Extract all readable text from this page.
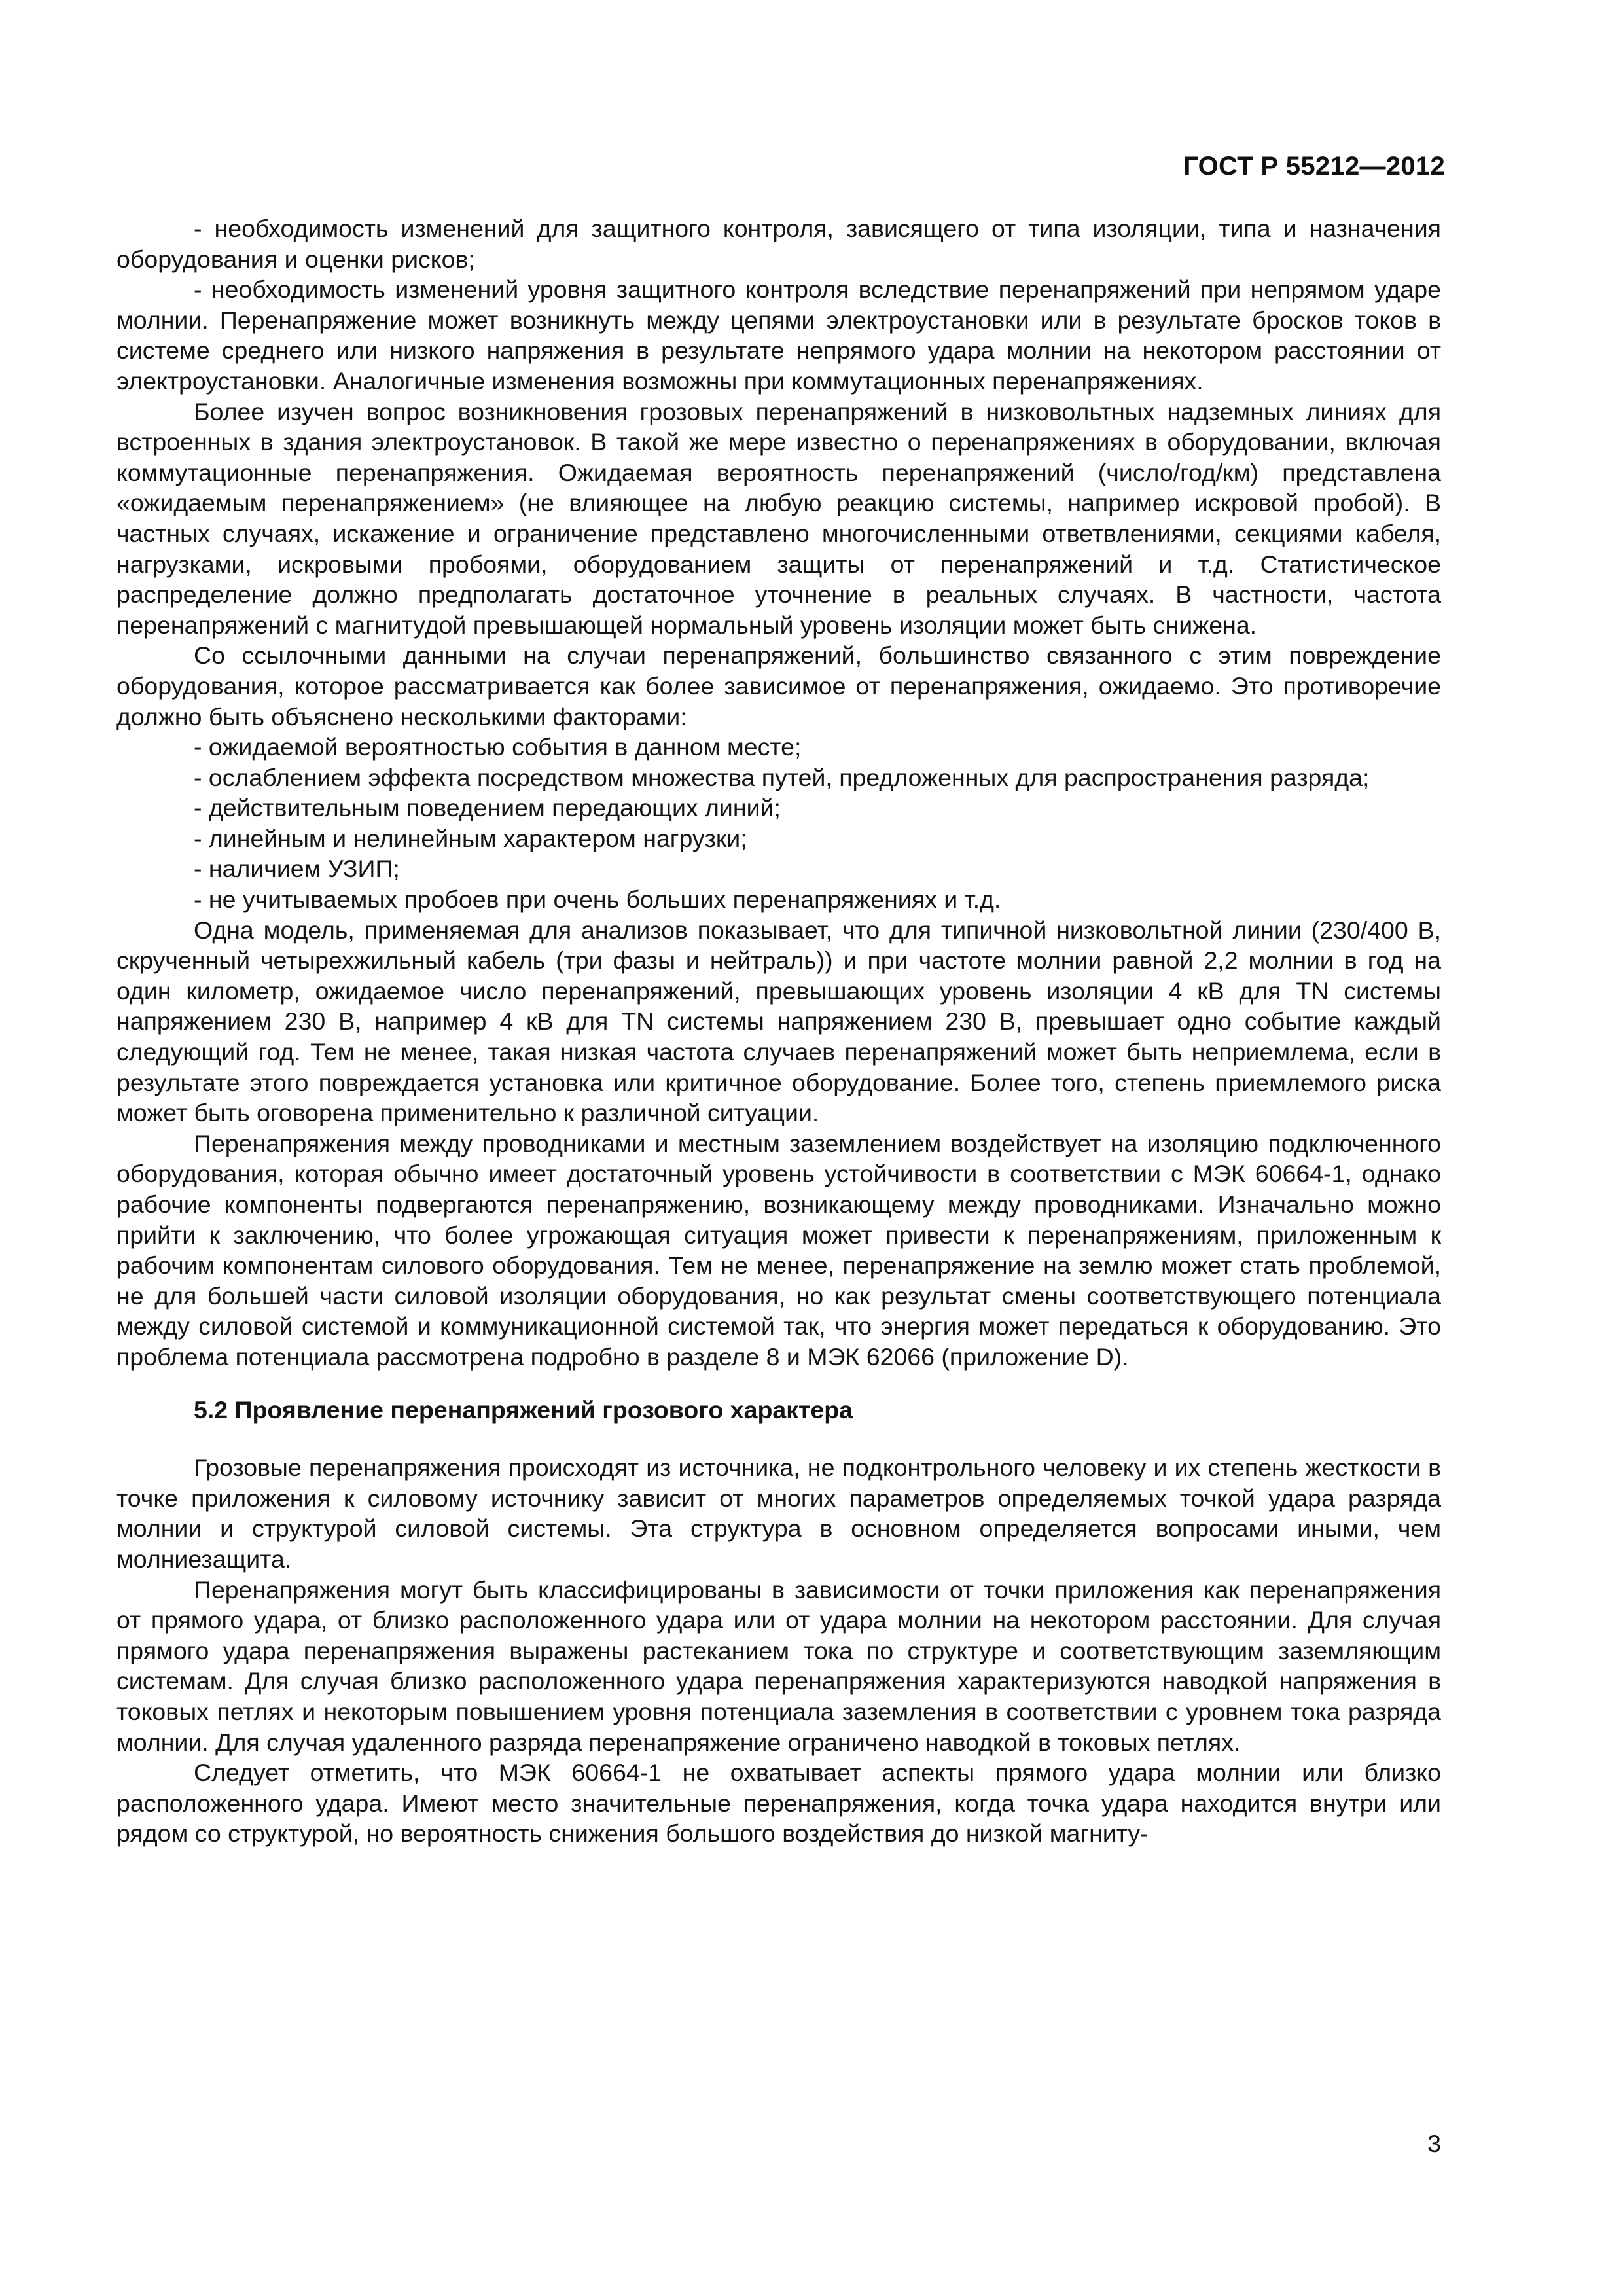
ГОСТ Р 55212—2012

- необходимость изменений для защитного контроля, зависящего от типа изоляции, типа и назначения оборудования и оценки рисков;

- необходимость изменений уровня защитного контроля вследствие перенапряжений при непрямом ударе молнии. Перенапряжение может возникнуть между цепями электроустановки или в результате бросков токов в системе среднего или низкого напряжения в результате непрямого удара молнии на некотором расстоянии от электроустановки. Аналогичные изменения возможны при коммутационных перенапряжениях.

Более изучен вопрос возникновения грозовых перенапряжений в низковольтных надземных линиях для встроенных в здания электроустановок. В такой же мере известно о перенапряжениях в оборудовании, включая коммутационные перенапряжения. Ожидаемая вероятность перенапряжений (число/год/км) представлена «ожидаемым перенапряжением» (не влияющее на любую реакцию системы, например искровой пробой). В частных случаях, искажение и ограничение представлено многочисленными ответвлениями, секциями кабеля, нагрузками, искровыми пробоями, оборудованием защиты от перенапряжений и т.д. Статистическое распределение должно предполагать достаточное уточнение в реальных случаях. В частности, частота перенапряжений с магнитудой превышающей нормальный уровень изоляции может быть снижена.

Со ссылочными данными на случаи перенапряжений, большинство связанного с этим повреждение оборудования, которое рассматривается как более зависимое от перенапряжения, ожидаемо. Это противоречие должно быть объяснено несколькими факторами:

- ожидаемой вероятностью события в данном месте;

- ослаблением эффекта посредством множества путей, предложенных для распространения разряда;

- действительным поведением передающих линий;

- линейным и нелинейным характером нагрузки;

- наличием УЗИП;

- не учитываемых пробоев при очень больших перенапряжениях и т.д.

Одна модель, применяемая для анализов показывает, что для типичной низковольтной линии (230/400 В, скрученный четырехжильный кабель (три фазы и нейтраль)) и при частоте молнии равной 2,2 молнии в год на один километр, ожидаемое число перенапряжений, превышающих уровень изоляции 4 кВ для TN системы напряжением 230 В, например 4 кВ для TN системы напряжением 230 В, превышает одно событие каждый следующий год. Тем не менее, такая низкая частота случаев перенапряжений может быть неприемлема, если в результате этого повреждается установка или критичное оборудование. Более того, степень приемлемого риска может быть оговорена применительно к различной ситуации.

Перенапряжения между проводниками и местным заземлением воздействует на изоляцию подключенного оборудования, которая обычно имеет достаточный уровень устойчивости в соответствии с МЭК 60664-1, однако рабочие компоненты подвергаются перенапряжению, возникающему между проводниками. Изначально можно прийти к заключению, что более угрожающая ситуация может привести к перенапряжениям, приложенным к рабочим компонентам силового оборудования. Тем не менее, перенапряжение на землю может стать проблемой, не для большей части силовой изоляции оборудования, но как результат смены соответствующего потенциала между силовой системой и коммуникационной системой так, что энергия может передаться к оборудованию. Это проблема потенциала рассмотрена подробно в разделе 8 и МЭК 62066 (приложение D).

5.2 Проявление перенапряжений грозового характера

Грозовые перенапряжения происходят из источника, не подконтрольного человеку и их степень жесткости в точке приложения к силовому источнику зависит от многих параметров определяемых точкой удара разряда молнии и структурой силовой системы. Эта структура в основном определяется вопросами иными, чем молниезащита.

Перенапряжения могут быть классифицированы в зависимости от точки приложения как перенапряжения от прямого удара, от близко расположенного удара или от удара молнии на некотором расстоянии. Для случая прямого удара перенапряжения выражены растеканием тока по структуре и соответствующим заземляющим системам. Для случая близко расположенного удара перенапряжения характеризуются наводкой напряжения в токовых петлях и некоторым повышением уровня потенциала заземления в соответствии с уровнем тока разряда молнии. Для случая удаленного разряда перенапряжение ограничено наводкой в токовых петлях.

Следует отметить, что МЭК 60664-1 не охватывает аспекты прямого удара молнии или близко расположенного удара. Имеют место значительные перенапряжения, когда точка удара находится внутри или рядом со структурой, но вероятность снижения большого воздействия до низкой магниту-

3
